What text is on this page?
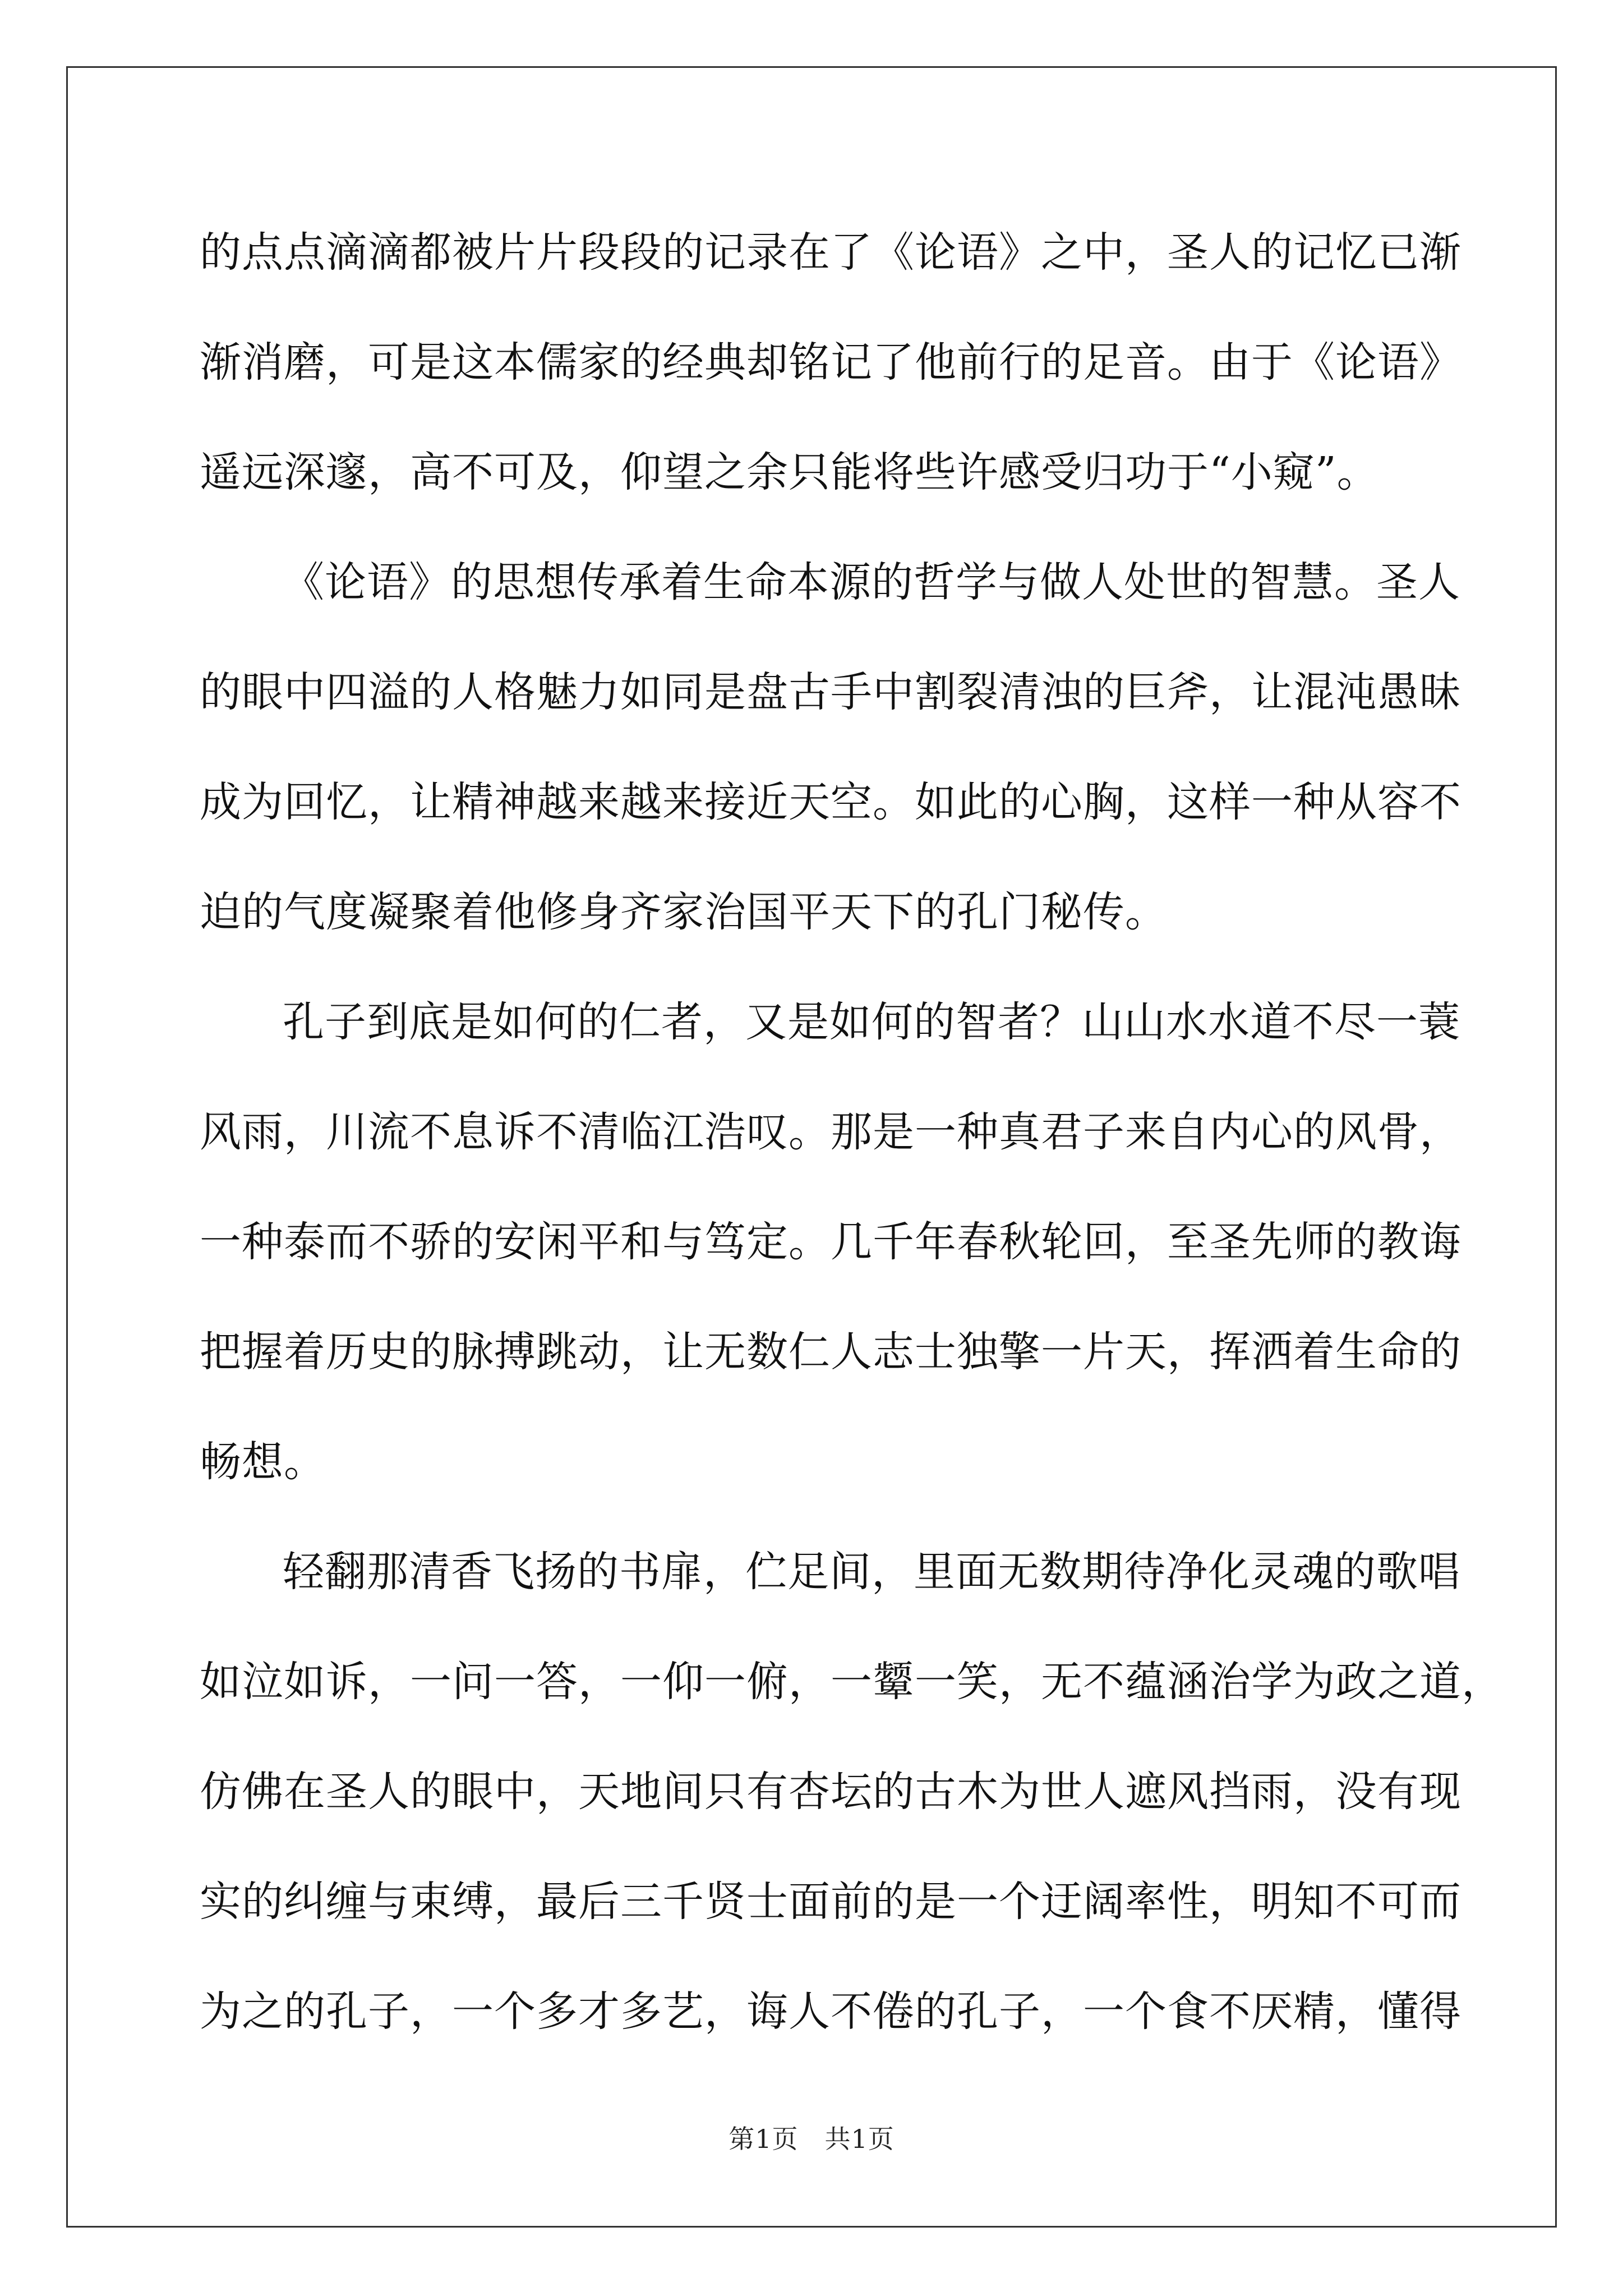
的点点滴滴都被片片段段的记录在了《论语》之中，圣人的记忆已渐
渐消磨，可是这本儒家的经典却铭记了他前行的足音。由于《论语》
遥远深邃，高不可及，仰望之余只能将些许感受归功于“小窥”。
《论语》的思想传承着生命本源的哲学与做人处世的智慧。圣人
的眼中四溢的人格魅力如同是盘古手中割裂清浊的巨斧，让混沌愚昧
成为回忆，让精神越来越来接近天空。如此的心胸，这样一种从容不
迫的气度凝聚着他修身齐家治国平天下的孔门秘传。
孔子到底是如何的仁者，又是如何的智者？山山水水道不尽一蓑
风雨，川流不息诉不清临江浩叹。那是一种真君子来自内心的风骨，
一种泰而不骄的安闲平和与笃定。几千年春秋轮回，至圣先师的教诲
把握着历史的脉搏跳动，让无数仁人志士独擎一片天，挥洒着生命的
畅想。
轻翻那清香飞扬的书扉，伫足间，里面无数期待净化灵魂的歌唱
如泣如诉，一问一答，一仰一俯，一颦一笑，无不蕴涵治学为政之道，
仿佛在圣人的眼中，天地间只有杏坛的古木为世人遮风挡雨，没有现
实的纠缠与束缚，最后三千贤士面前的是一个迂阔率性，明知不可而
为之的孔子，一个多才多艺，诲人不倦的孔子，一个食不厌精，懂得
第1页　共1页
